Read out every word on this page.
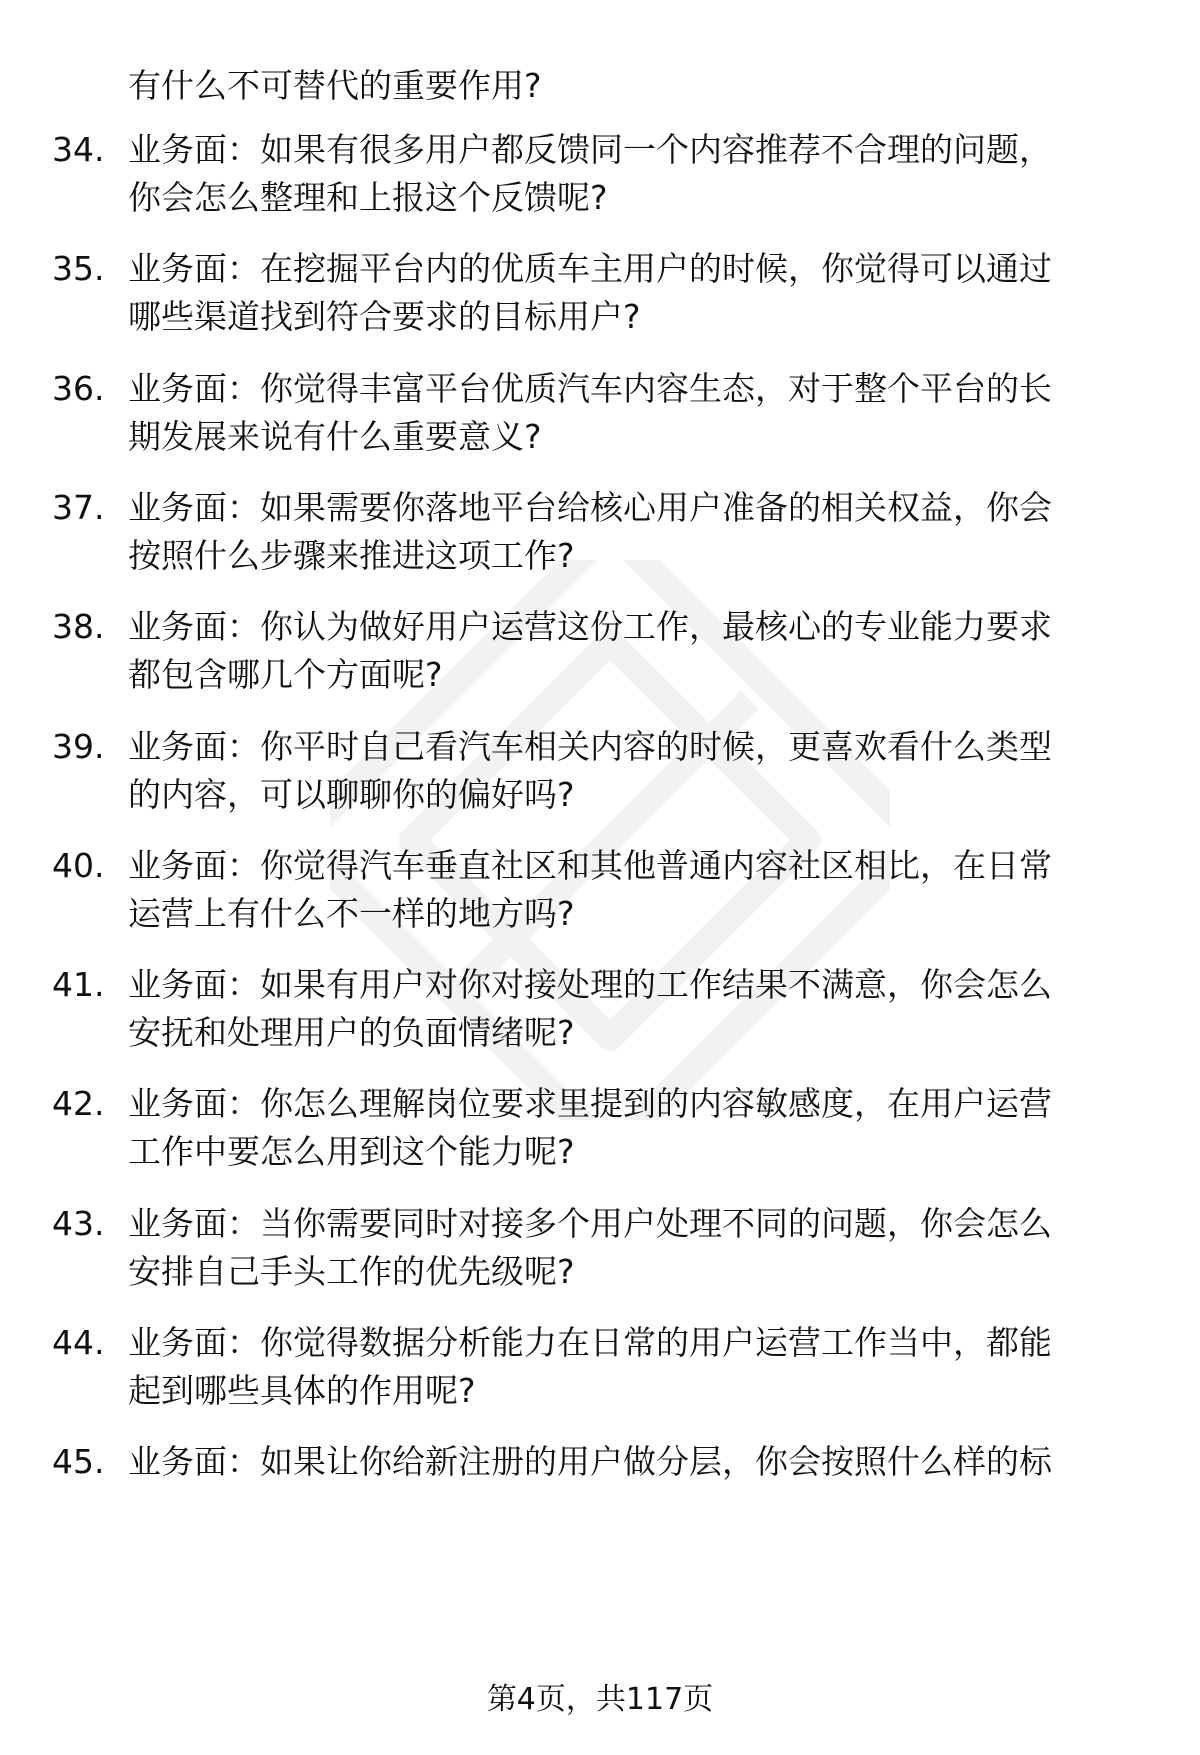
有什么不可替代的重要作用?
34. 业务面：如果有很多用户都反馈同一个内容推荐不合理的问题，
你会怎么整理和上报这个反馈呢?
35. 业务面：在挖掘平台内的优质车主用户的时候，你觉得可以通过
哪些渠道找到符合要求的目标用户?
36. 业务面：你觉得丰富平台优质汽车内容生态，对于整个平台的长
期发展来说有什么重要意义?
37. 业务面：如果需要你落地平台给核心用户准备的相关权益，你会
按照什么步骤来推进这项工作?
38. 业务面：你认为做好用户运营这份工作，最核心的专业能力要求
都包含哪几个方面呢?
39. 业务面：你平时自己看汽车相关内容的时候，更喜欢看什么类型
的内容，可以聊聊你的偏好吗?
40. 业务面：你觉得汽车垂直社区和其他普通内容社区相比，在日常
运营上有什么不一样的地方吗?
41. 业务面：如果有用户对你对接处理的工作结果不满意，你会怎么
安抚和处理用户的负面情绪呢?
42. 业务面：你怎么理解岗位要求里提到的内容敏感度，在用户运营
工作中要怎么用到这个能力呢?
43. 业务面：当你需要同时对接多个用户处理不同的问题，你会怎么
安排自己手头工作的优先级呢?
44. 业务面：你觉得数据分析能力在日常的用户运营工作当中，都能
起到哪些具体的作用呢?
45. 业务面：如果让你给新注册的用户做分层，你会按照什么样的标
第4页，共117页
